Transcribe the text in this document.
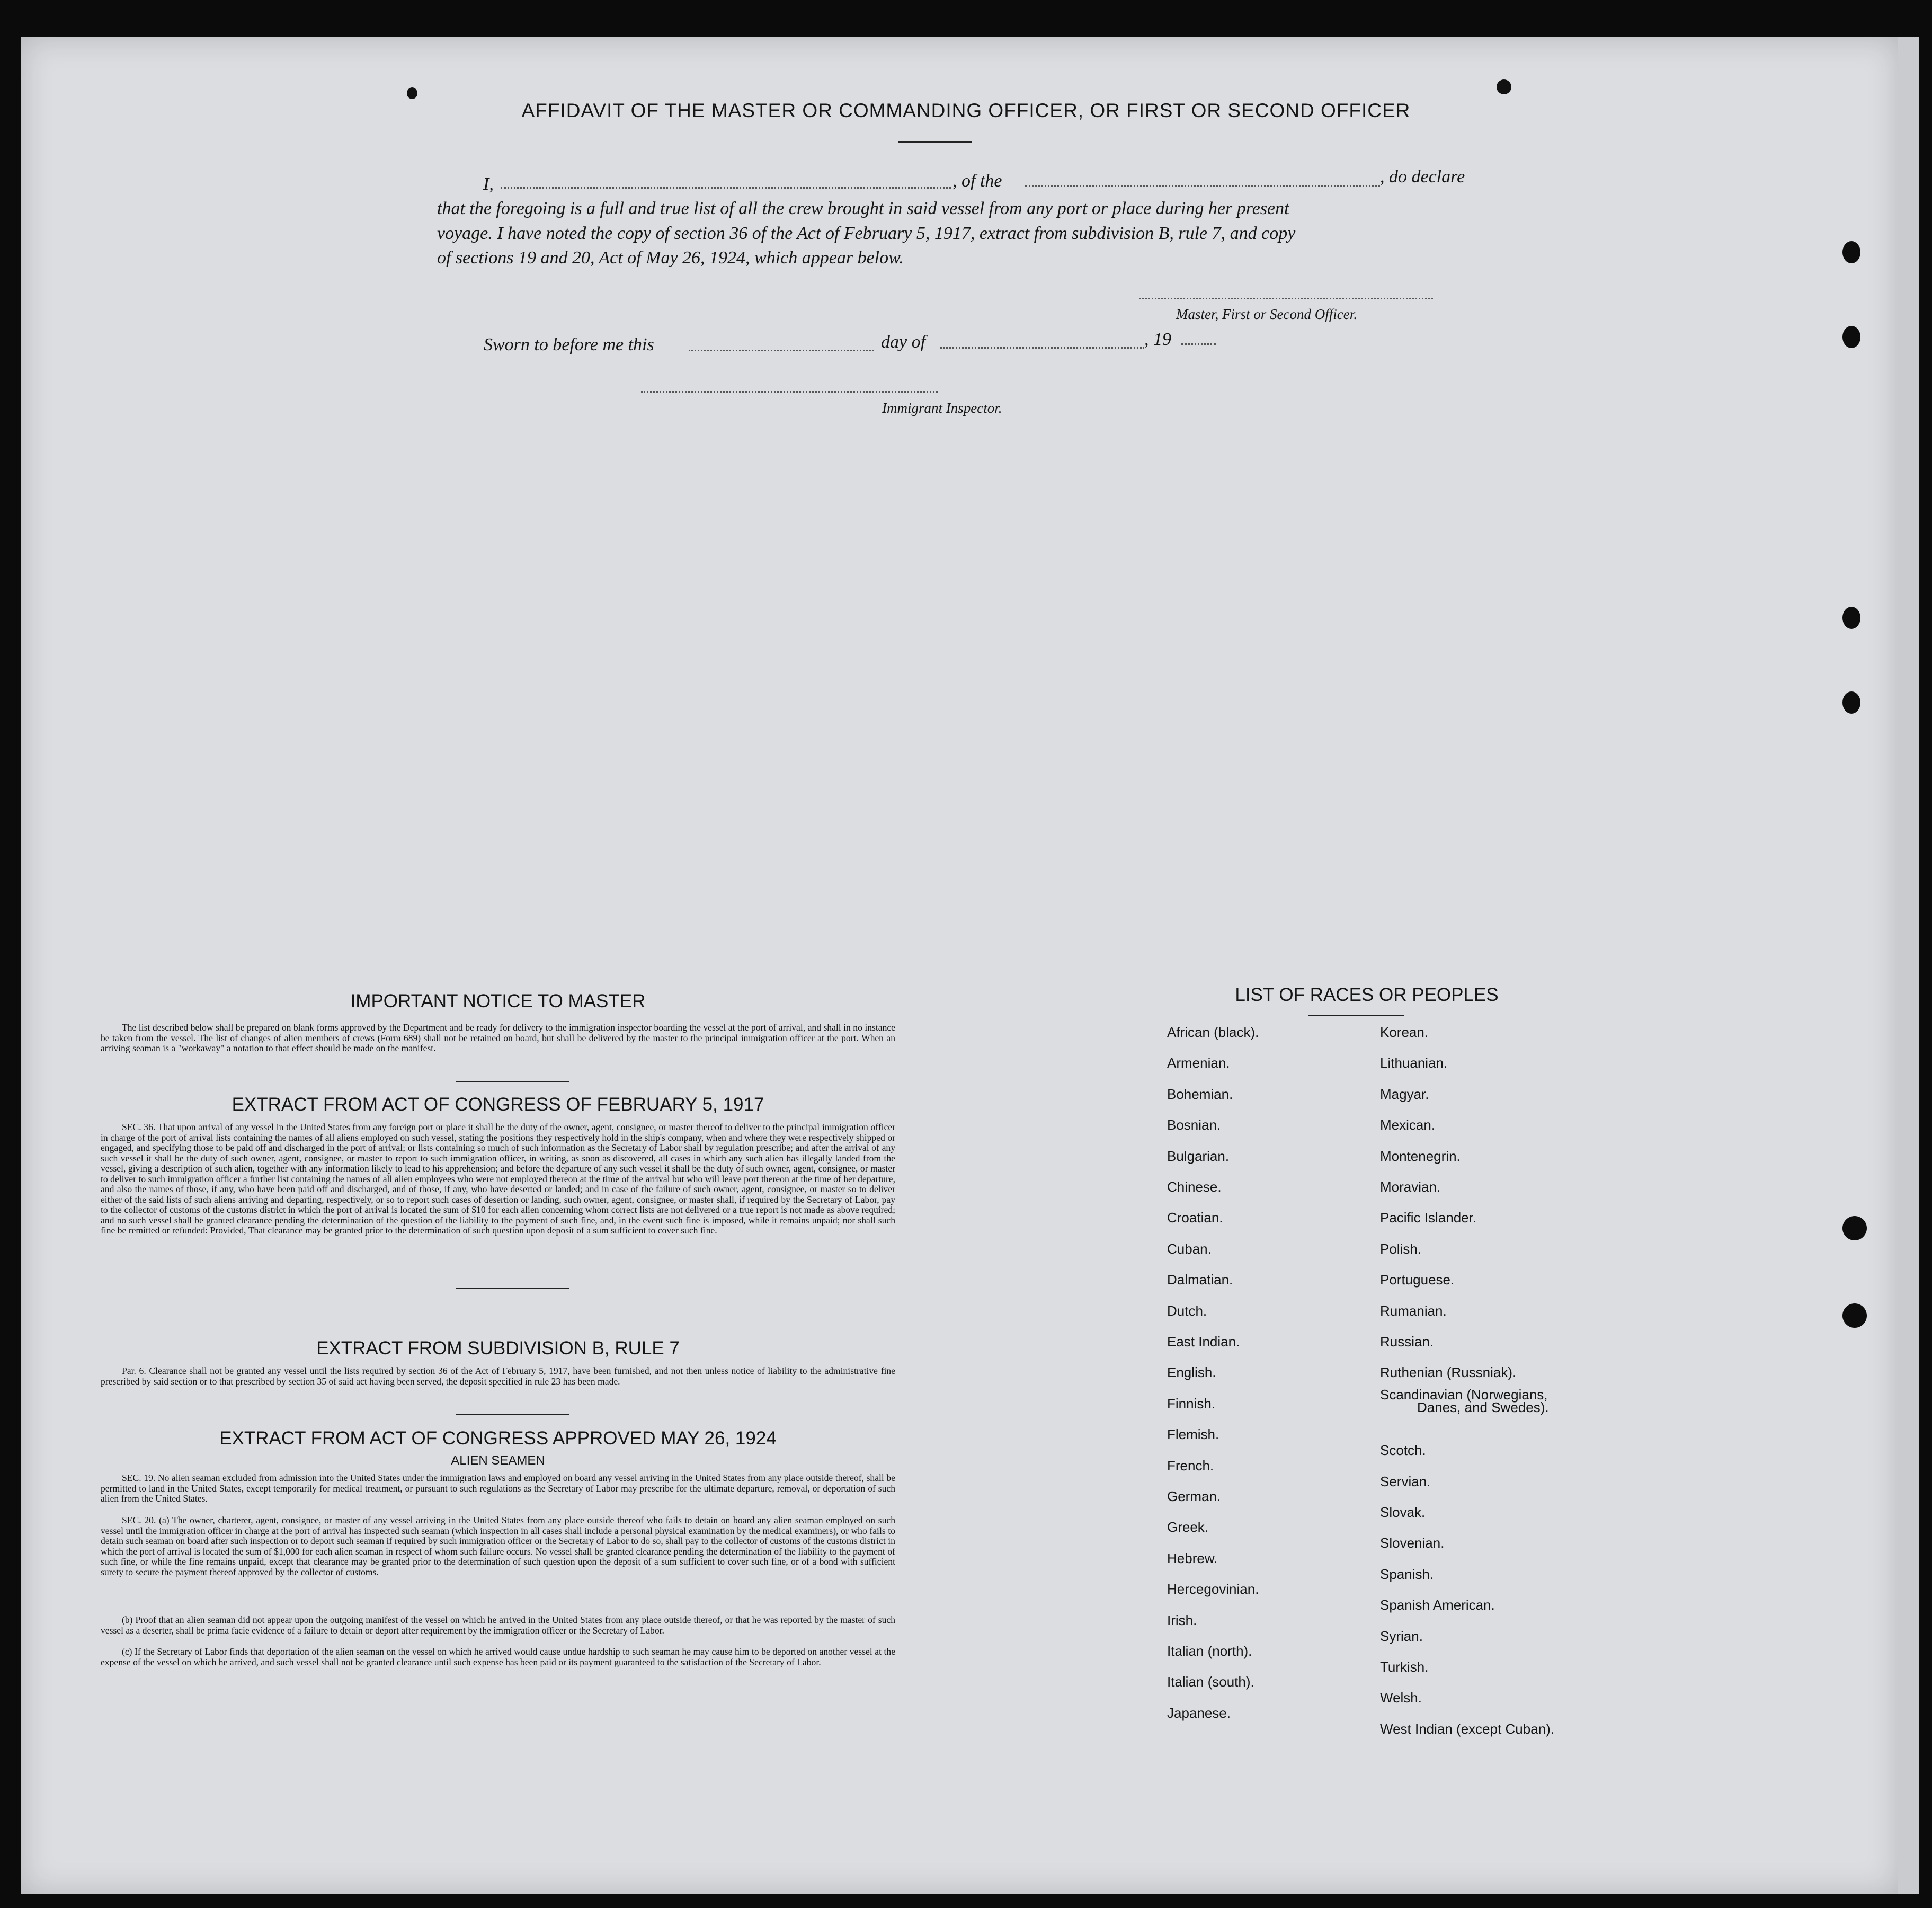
AFFIDAVIT OF THE MASTER OR COMMANDING OFFICER, OR FIRST OR SECOND OFFICER
I,	, of the	, do declare
that the foregoing is a full and true list of all the crew brought in said vessel from any port or place during her present
voyage. I have noted the copy of section 36 of the Act of February 5, 1917, extract from subdivision B, rule 7, and copy
of sections 19 and 20, Act of May 26, 1924, which appear below.
Master, First or Second Officer.
Sworn to before me this	day of	, 19
Immigrant Inspector.
IMPORTANT NOTICE TO MASTER
The list described below shall be prepared on blank forms approved by the Department and be ready for delivery to the immigration inspector boarding the vessel at the port of arrival, and shall in no instance be taken from the vessel. The list of changes of alien members of crews (Form 689) shall not be retained on board, but shall be delivered by the master to the principal immigration officer at the port. When an arriving seaman is a "workaway" a notation to that effect should be made on the manifest.
EXTRACT FROM ACT OF CONGRESS OF FEBRUARY 5, 1917
SEC. 36. That upon arrival of any vessel in the United States from any foreign port or place it shall be the duty of the owner, agent, consignee, or master thereof to deliver to the principal immigration officer in charge of the port of arrival lists containing the names of all aliens employed on such vessel, stating the positions they respectively hold in the ship's company, when and where they were respectively shipped or engaged, and specifying those to be paid off and discharged in the port of arrival; or lists containing so much of such information as the Secretary of Labor shall by regulation prescribe; and after the arrival of any such vessel it shall be the duty of such owner, agent, consignee, or master to report to such immigration officer, in writing, as soon as discovered, all cases in which any such alien has illegally landed from the vessel, giving a description of such alien, together with any information likely to lead to his apprehension; and before the departure of any such vessel it shall be the duty of such owner, agent, consignee, or master to deliver to such immigration officer a further list containing the names of all alien employees who were not employed thereon at the time of the arrival but who will leave port thereon at the time of her departure, and also the names of those, if any, who have been paid off and discharged, and of those, if any, who have deserted or landed; and in case of the failure of such owner, agent, consignee, or master so to deliver either of the said lists of such aliens arriving and departing, respectively, or so to report such cases of desertion or landing, such owner, agent, consignee, or master shall, if required by the Secretary of Labor, pay to the collector of customs of the customs district in which the port of arrival is located the sum of $10 for each alien concerning whom correct lists are not delivered or a true report is not made as above required; and no such vessel shall be granted clearance pending the determination of the question of the liability to the payment of such fine, and, in the event such fine is imposed, while it remains unpaid; nor shall such fine be remitted or refunded: Provided, That clearance may be granted prior to the determination of such question upon deposit of a sum sufficient to cover such fine.
EXTRACT FROM SUBDIVISION B, RULE 7
Par. 6. Clearance shall not be granted any vessel until the lists required by section 36 of the Act of February 5, 1917, have been furnished, and not then unless notice of liability to the administrative fine prescribed by said section or to that prescribed by section 35 of said act having been served, the deposit specified in rule 23 has been made.
EXTRACT FROM ACT OF CONGRESS APPROVED MAY 26, 1924
ALIEN SEAMEN
SEC. 19. No alien seaman excluded from admission into the United States under the immigration laws and employed on board any vessel arriving in the United States from any place outside thereof, shall be permitted to land in the United States, except temporarily for medical treatment, or pursuant to such regulations as the Secretary of Labor may prescribe for the ultimate departure, removal, or deportation of such alien from the United States.
SEC. 20. (a) The owner, charterer, agent, consignee, or master of any vessel arriving in the United States from any place outside thereof who fails to detain on board any alien seaman employed on such vessel until the immigration officer in charge at the port of arrival has inspected such seaman (which inspection in all cases shall include a personal physical examination by the medical examiners), or who fails to detain such seaman on board after such inspection or to deport such seaman if required by such immigration officer or the Secretary of Labor to do so, shall pay to the collector of customs of the customs district in which the port of arrival is located the sum of $1,000 for each alien seaman in respect of whom such failure occurs. No vessel shall be granted clearance pending the determination of the liability to the payment of such fine, or while the fine remains unpaid, except that clearance may be granted prior to the determination of such question upon the deposit of a sum sufficient to cover such fine, or of a bond with sufficient surety to secure the payment thereof approved by the collector of customs.
(b) Proof that an alien seaman did not appear upon the outgoing manifest of the vessel on which he arrived in the United States from any place outside thereof, or that he was reported by the master of such vessel as a deserter, shall be prima facie evidence of a failure to detain or deport after requirement by the immigration officer or the Secretary of Labor.
(c) If the Secretary of Labor finds that deportation of the alien seaman on the vessel on which he arrived would cause undue hardship to such seaman he may cause him to be deported on another vessel at the expense of the vessel on which he arrived, and such vessel shall not be granted clearance until such expense has been paid or its payment guaranteed to the satisfaction of the Secretary of Labor.
LIST OF RACES OR PEOPLES
African (black).
Armenian.
Bohemian.
Bosnian.
Bulgarian.
Chinese.
Croatian.
Cuban.
Dalmatian.
Dutch.
East Indian.
English.
Finnish.
Flemish.
French.
German.
Greek.
Hebrew.
Hercegovinian.
Irish.
Italian (north).
Italian (south).
Japanese.
Korean.
Lithuanian.
Magyar.
Mexican.
Montenegrin.
Moravian.
Pacific Islander.
Polish.
Portuguese.
Rumanian.
Russian.
Ruthenian (Russniak).
Scandinavian (Norwegians,
Scotch.
Servian.
Slovak.
Slovenian.
Spanish.
Spanish American.
Syrian.
Turkish.
Welsh.
West Indian (except Cuban).
Danes, and Swedes).
